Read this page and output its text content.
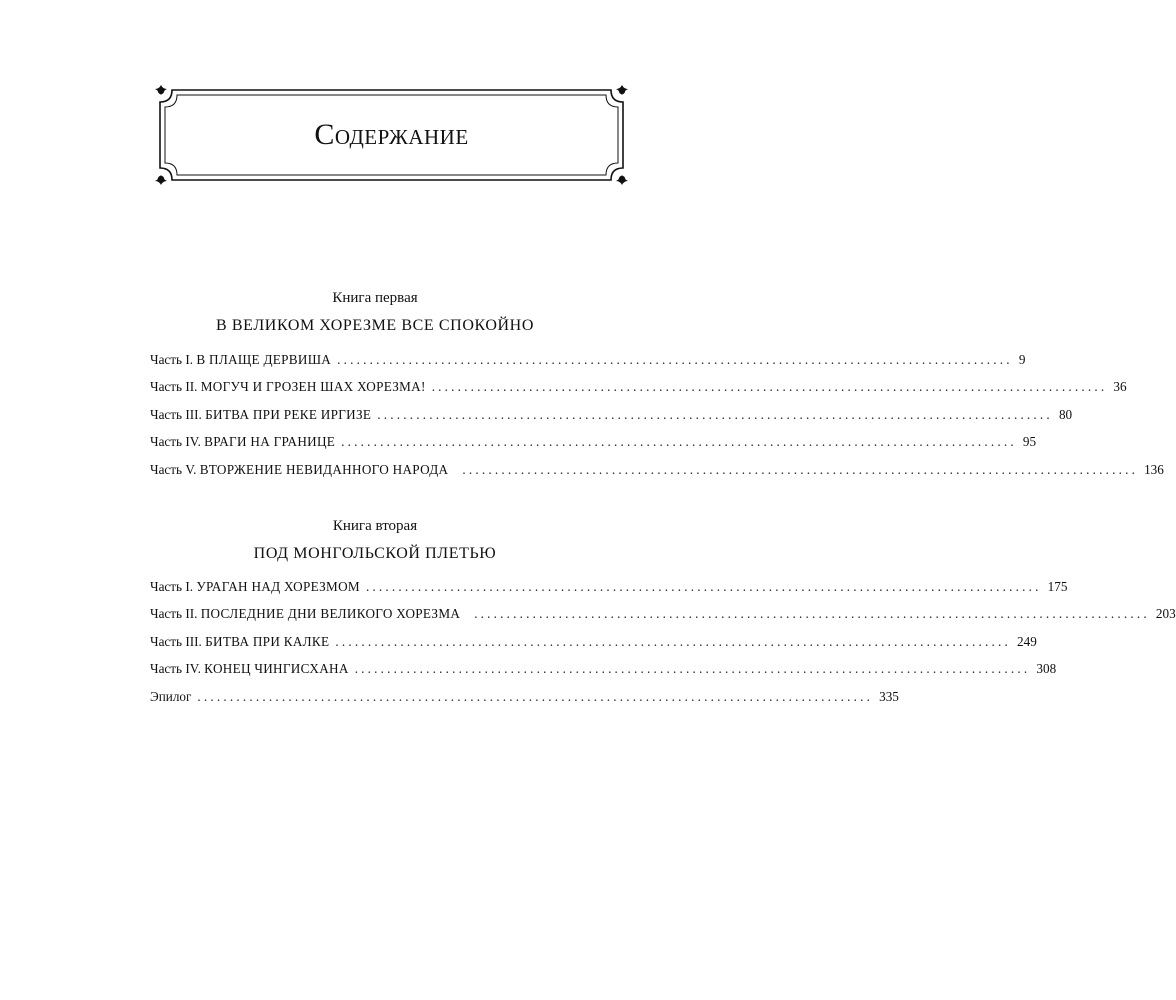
Содержание

Книга первая

В ВЕЛИКОМ ХОРЕЗМЕ ВСЕ СПОКОЙНО

Часть I. В ПЛАЩЕ ДЕРВИША ........................................................................................................ 9
Часть II. МОГУЧ И ГРОЗЕН ШАХ ХОРЕЗМА! ........................................................................................................ 36
Часть III. БИТВА ПРИ РЕКЕ ИРГИЗЕ ........................................................................................................ 80
Часть IV. ВРАГИ НА ГРАНИЦЕ ........................................................................................................ 95
Часть V. ВТОРЖЕНИЕ НЕВИДАННОГО НАРОДА ........................................................................................................ 136

Книга вторая

ПОД МОНГОЛЬСКОЙ ПЛЕТЬЮ

Часть I. УРАГАН НАД ХОРЕЗМОМ ........................................................................................................ 175
Часть II. ПОСЛЕДНИЕ ДНИ ВЕЛИКОГО ХОРЕЗМА ........................................................................................................ 203
Часть III. БИТВА ПРИ КАЛКЕ ........................................................................................................ 249
Часть IV. КОНЕЦ ЧИНГИСХАНА ........................................................................................................ 308
Эпилог ........................................................................................................ 335
